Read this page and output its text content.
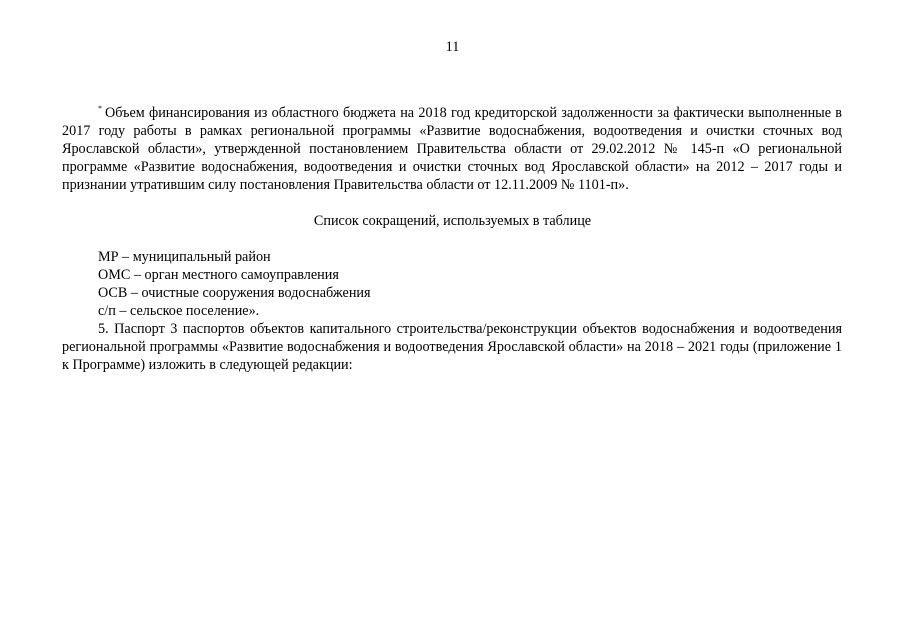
11
* Объем финансирования из областного бюджета на 2018 год кредиторской задолженности за фактически выполненные в 2017 году работы в рамках региональной программы «Развитие водоснабжения, водоотведения и очистки сточных вод Ярославской области», утвержденной постановлением Правительства области от 29.02.2012 № 145-п «О региональной программе «Развитие водоснабжения, водоотведения и очистки сточных вод Ярославской области» на 2012 – 2017 годы и признании утратившим силу постановления Правительства области от 12.11.2009 № 1101-п».
Список сокращений, используемых в таблице
МР – муниципальный район
ОМС – орган местного самоуправления
ОСВ – очистные сооружения водоснабжения
с/п – сельское поселение».
5. Паспорт 3 паспортов объектов капитального строительства/реконструкции объектов водоснабжения и водоотведения региональной программы «Развитие водоснабжения и водоотведения Ярославской области» на 2018 – 2021 годы (приложение 1 к Программе) изложить в следующей редакции:
